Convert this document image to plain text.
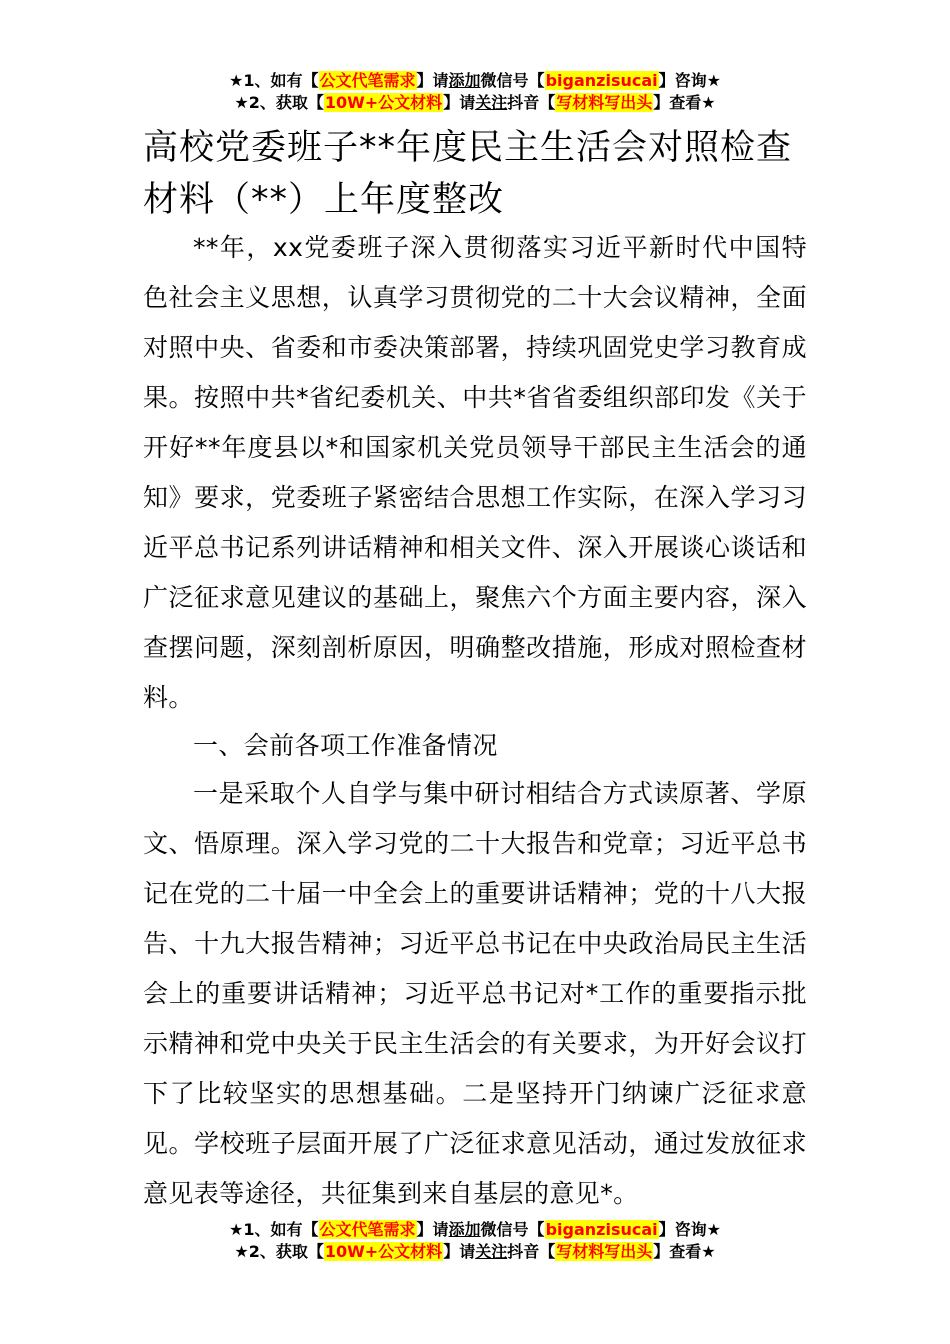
★1、如有【公文代笔需求】请添加微信号【biganzisucai】咨询★
★2、获取【10W+公文材料】请关注抖音【写材料写出头】查看★
高校党委班子**年度民主生活会对照检查材料（**）上年度整改

**年，xx党委班子深入贯彻落实习近平新时代中国特色社会主义思想，认真学习贯彻党的二十大会议精神，全面对照中央、省委和市委决策部署，持续巩固党史学习教育成果。按照中共*省纪委机关、中共*省省委组织部印发《关于开好**年度县以*和国家机关党员领导干部民主生活会的通知》要求，党委班子紧密结合思想工作实际，在深入学习习近平总书记系列讲话精神和相关文件、深入开展谈心谈话和广泛征求意见建议的基础上，聚焦六个方面主要内容，深入查摆问题，深刻剖析原因，明确整改措施，形成对照检查材料。

一、会前各项工作准备情况

一是采取个人自学与集中研讨相结合方式读原著、学原文、悟原理。深入学习党的二十大报告和党章；习近平总书记在党的二十届一中全会上的重要讲话精神；党的十八大报告、十九大报告精神；习近平总书记在中央政治局民主生活会上的重要讲话精神；习近平总书记对*工作的重要指示批示精神和党中央关于民主生活会的有关要求，为开好会议打下了比较坚实的思想基础。二是坚持开门纳谏广泛征求意见。学校班子层面开展了广泛征求意见活动，通过发放征求意见表等途径，共征集到来自基层的意见*。

★1、如有【公文代笔需求】请添加微信号【biganzisucai】咨询★
★2、获取【10W+公文材料】请关注抖音【写材料写出头】查看★
